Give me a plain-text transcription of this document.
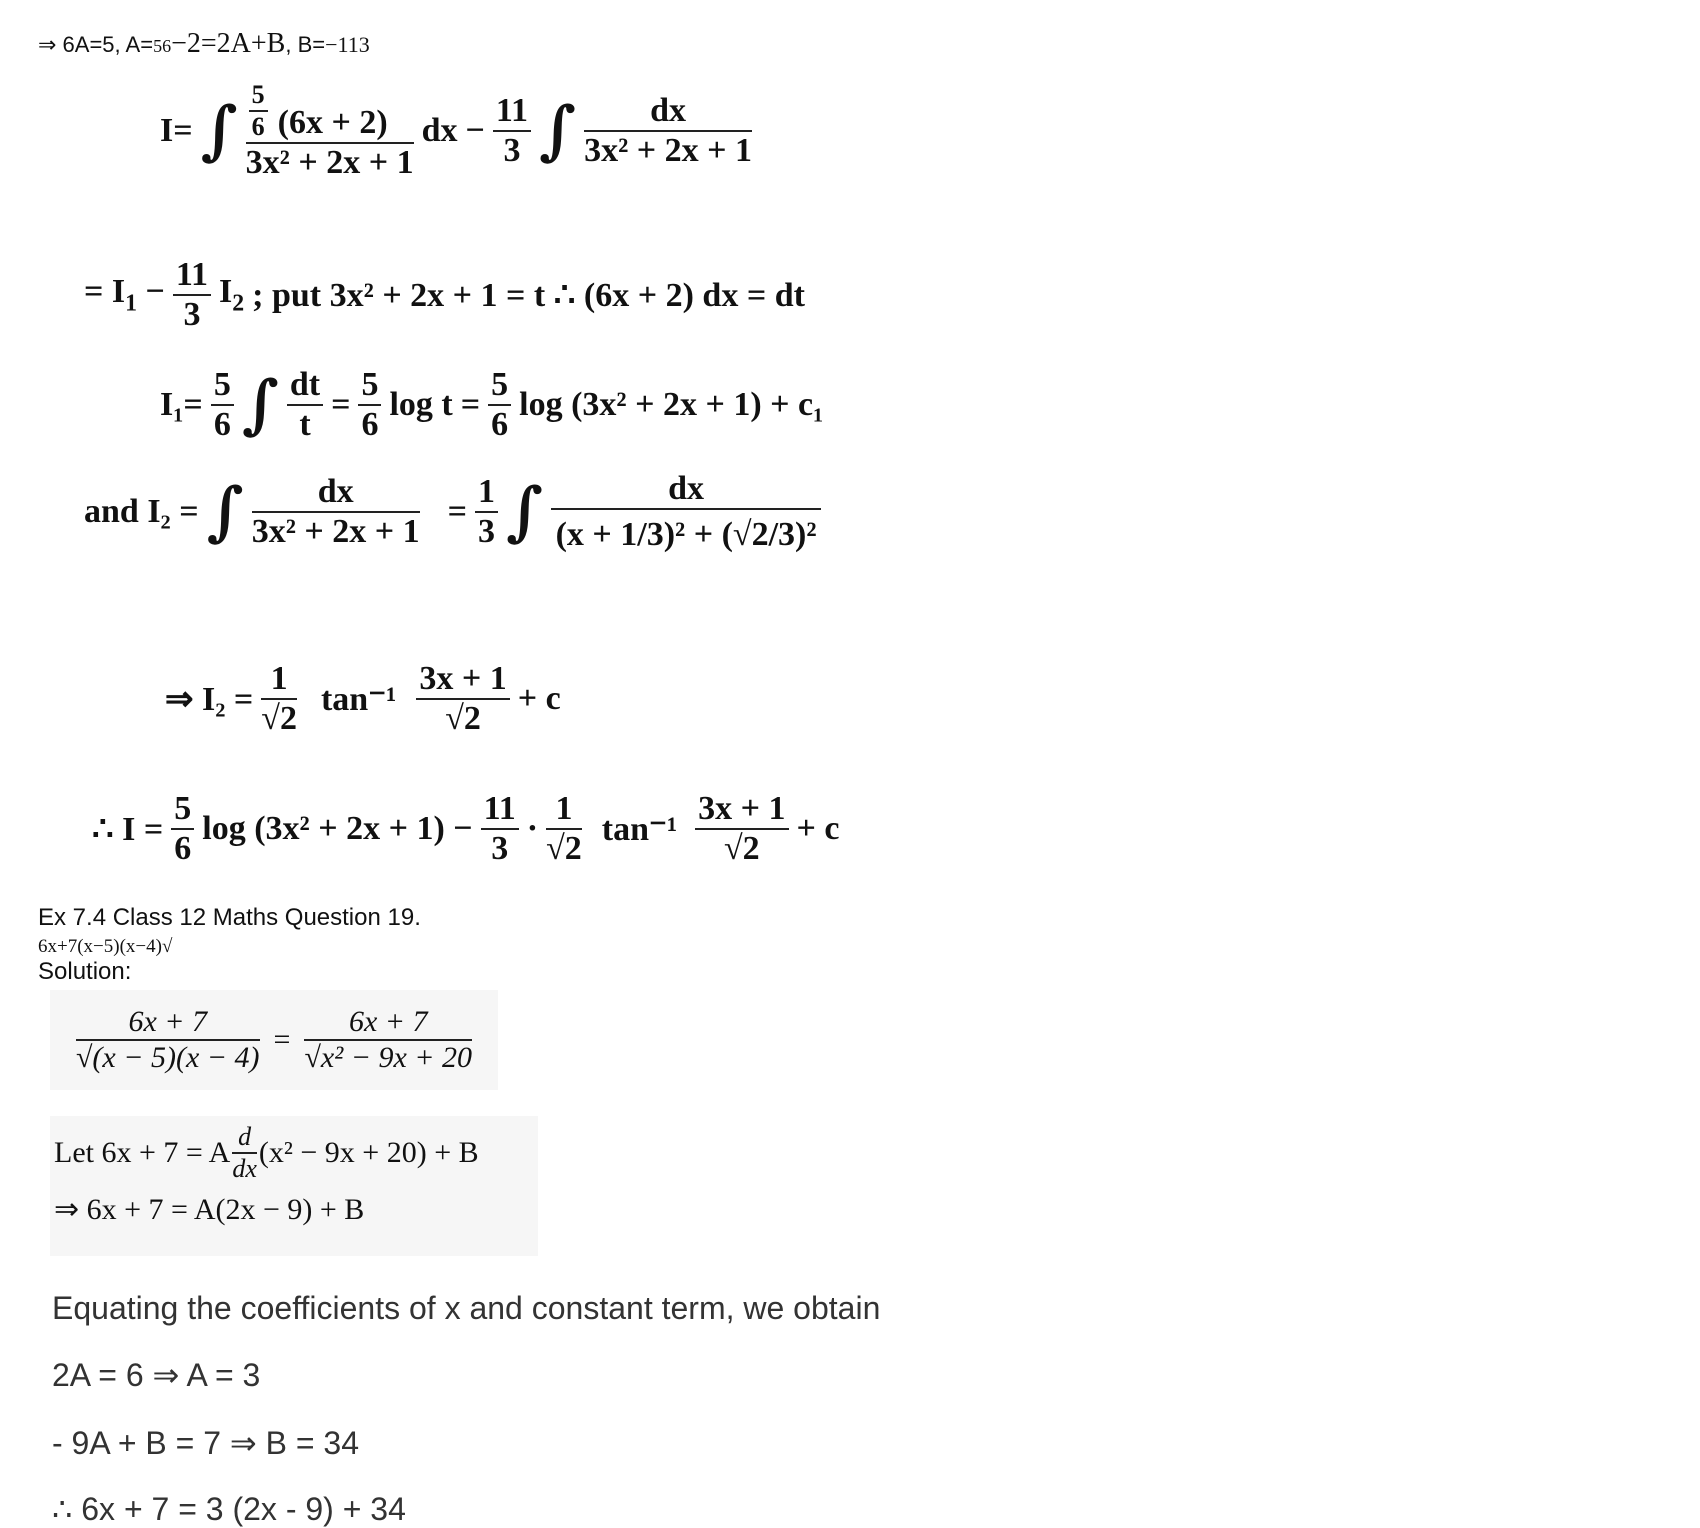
⇒ 6A=5, A=56−2=2A+B, B=−113
I= ∫ $\frac{\frac{5}{6} (6x + 2)}{\text{3x² + 2x + 1}}$ dx − $\frac{11}{3}$ ∫ $\frac{dx}{\text{3x² + 2x + 1}}$
= $I_1 - \frac{11}{3} I_2$ ; put 3x² + 2x + 1 = t ∴ (6x + 2) dx = dt
$I_1= \frac{5}{6}$ ∫ $\frac{dt}{t} = \frac{5}{6}$ $\log t = \frac{5}{6}$ log (3x² + 2x + 1) + c₁
and I₂ = ∫ $\frac{dx}{\text{3x² + 2x + 1}} = \frac{1}{3}$ ∫ $\frac{dx}{\text{(x + 1/3)² + (√2/3)²}}$
⇒ $I_2 = \frac{1}{√2} \tan^{-1} \frac{3x + 1}{√2} + c$
∴ $I = \frac{5}{6}$ $\log (3x^2 + 2x + 1) - \frac{11}{3} \cdot \frac{1}{√2} \tan^{-1} \frac{3x + 1}{√2} + c$
Ex 7.4 Class 12 Maths Question 19.
6x+7(x−5)(x−4)√
Solution:
$\frac{6x + 7}{√(x - 5)(x - 4)} = \frac{6x + 7}{\text{√x² − 9x + 20}}$
Let 6x + 7 = A $\frac{d}{dx} (x^2 - 9x + 20) + B$
⇒ 6x + 7 = A(2x − 9) + B
Equating the coefficients of x and constant term, we obtain
2A = 6 ⇒ A = 3
- 9A + B = 7 ⇒ B = 34
∴ 6x + 7 = 3 (2x - 9) + 34
